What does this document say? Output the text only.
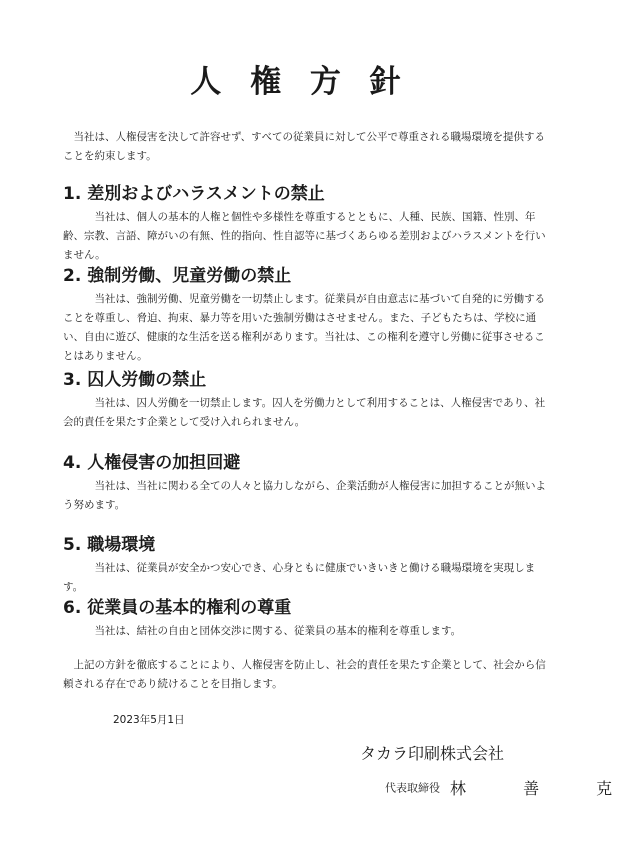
人 権 方 針
当社は、人権侵害を決して許容せず、すべての従業員に対して公平で尊重される職場環境を提供することを約束します。
1. 差別およびハラスメントの禁止
当社は、個人の基本的人権と個性や多様性を尊重するとともに、人種、民族、国籍、性別、年齢、宗教、言語、障がいの有無、性的指向、性自認等に基づくあらゆる差別およびハラスメントを行いません。
2. 強制労働、児童労働の禁止
当社は、強制労働、児童労働を一切禁止します。従業員が自由意志に基づいて自発的に労働することを尊重し、脅迫、拘束、暴力等を用いた強制労働はさせません。また、子どもたちは、学校に通い、自由に遊び、健康的な生活を送る権利があります。当社は、この権利を遵守し労働に従事させることはありません。
3. 囚人労働の禁止
当社は、囚人労働を一切禁止します。囚人を労働力として利用することは、人権侵害であり、社会的責任を果たす企業として受け入れられません。
4. 人権侵害の加担回避
当社は、当社に関わる全ての人々と協力しながら、企業活動が人権侵害に加担することが無いよう努めます。
5. 職場環境
当社は、従業員が安全かつ安心でき、心身ともに健康でいきいきと働ける職場環境を実現します。
6. 従業員の基本的権利の尊重
当社は、結社の自由と団体交渉に関する、従業員の基本的権利を尊重します。
上記の方針を徹底することにより、人権侵害を防止し、社会的責任を果たす企業として、社会から信頼される存在であり続けることを目指します。
2023年5月1日
タカラ印刷株式会社
代表取締役 林 善 克
